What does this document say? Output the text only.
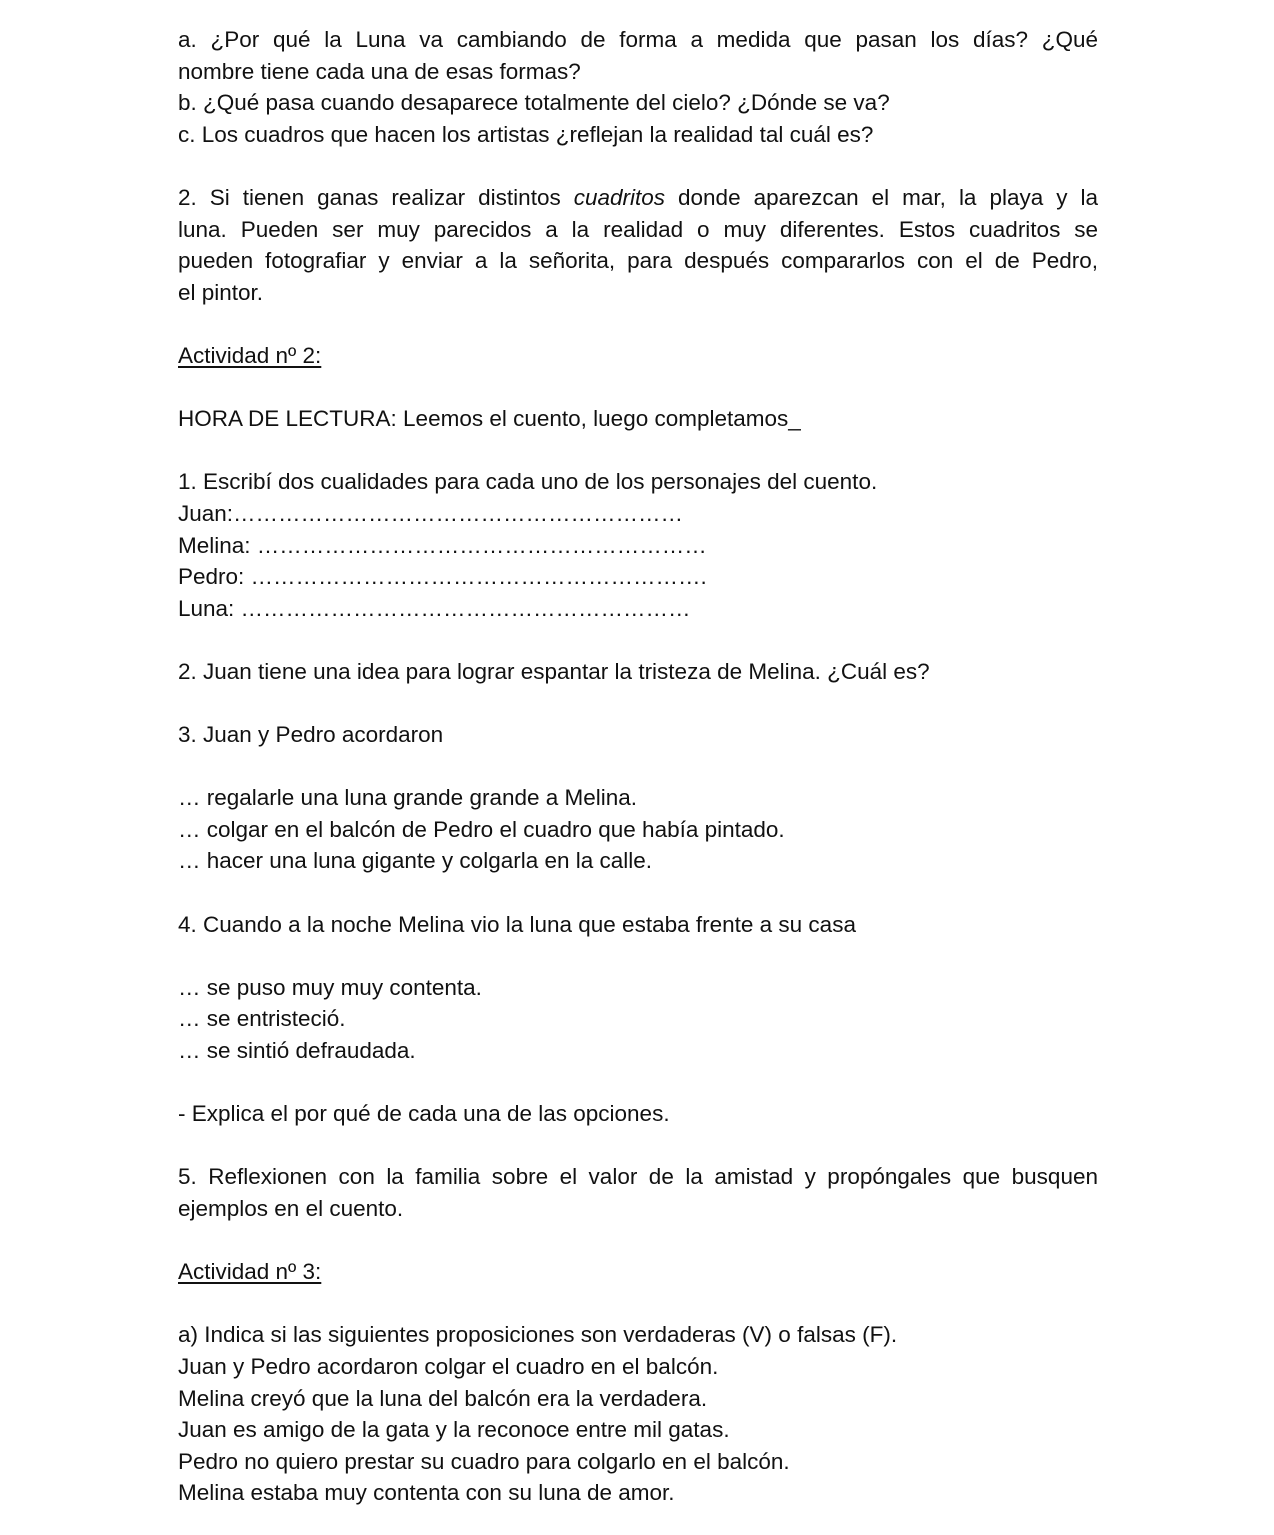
a. ¿Por qué la Luna va cambiando de forma a medida que pasan los días? ¿Qué
nombre tiene cada una de esas formas?
b. ¿Qué pasa cuando desaparece totalmente del cielo? ¿Dónde se va?
c. Los cuadros que hacen los artistas ¿reflejan la realidad tal cuál es?
2. Si tienen ganas realizar distintos cuadritos donde aparezcan el mar, la playa y la
luna. Pueden ser muy parecidos a la realidad o muy diferentes. Estos cuadritos se
pueden fotografiar y enviar a la señorita, para después compararlos con el de Pedro,
el pintor.
Actividad nº 2:
HORA DE LECTURA: Leemos el cuento, luego completamos_
1. Escribí dos cualidades para cada uno de los personajes del cuento.
Juan:……………………………………………………
Melina: ……………………………………………………
Pedro: …………………………………………………….
Luna: ……………………………………………………
2. Juan tiene una idea para lograr espantar la tristeza de Melina. ¿Cuál es?
3. Juan y Pedro acordaron
… regalarle una luna grande grande a Melina.
… colgar en el balcón de Pedro el cuadro que había pintado.
… hacer una luna gigante y colgarla en la calle.
4. Cuando a la noche Melina vio la luna que estaba frente a su casa
… se puso muy muy contenta.
… se entristeció.
… se sintió defraudada.
- Explica el por qué de cada una de las opciones.
5. Reflexionen con la familia sobre el valor de la amistad y propóngales que busquen
ejemplos en el cuento.
Actividad nº 3:
a) Indica si las siguientes proposiciones son verdaderas (V) o falsas (F).
Juan y Pedro acordaron colgar el cuadro en el balcón.
Melina creyó que la luna del balcón era la verdadera.
Juan es amigo de la gata y la reconoce entre mil gatas.
Pedro no quiero prestar su cuadro para colgarlo en el balcón.
Melina estaba muy contenta con su luna de amor.
